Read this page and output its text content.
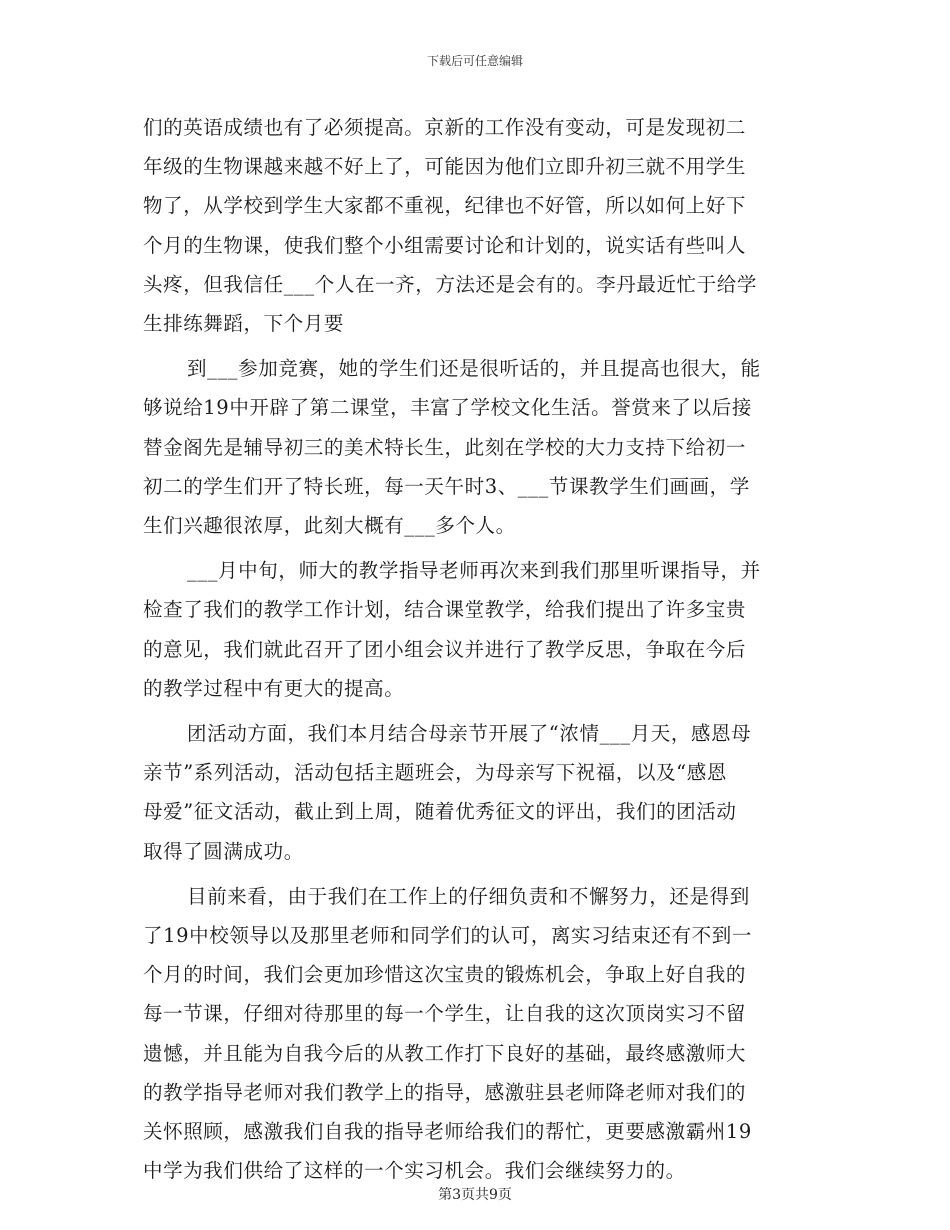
下载后可任意编辑

们的英语成绩也有了必须提高。京新的工作没有变动，可是发现初二
年级的生物课越来越不好上了，可能因为他们立即升初三就不用学生
物了，从学校到学生大家都不重视，纪律也不好管，所以如何上好下
个月的生物课，使我们整个小组需要讨论和计划的，说实话有些叫人
头疼，但我信任___个人在一齐，方法还是会有的。李丹最近忙于给学
生排练舞蹈，下个月要

到___参加竞赛，她的学生们还是很听话的，并且提高也很大，能
够说给19中开辟了第二课堂，丰富了学校文化生活。誉赏来了以后接
替金阁先是辅导初三的美术特长生，此刻在学校的大力支持下给初一
初二的学生们开了特长班，每一天午时3、___节课教学生们画画，学
生们兴趣很浓厚，此刻大概有___多个人。

___月中旬，师大的教学指导老师再次来到我们那里听课指导，并
检查了我们的教学工作计划，结合课堂教学，给我们提出了许多宝贵
的意见，我们就此召开了团小组会议并进行了教学反思，争取在今后
的教学过程中有更大的提高。

团活动方面，我们本月结合母亲节开展了“浓情___月天，感恩母
亲节”系列活动，活动包括主题班会，为母亲写下祝福，以及“感恩
母爱”征文活动，截止到上周，随着优秀征文的评出，我们的团活动
取得了圆满成功。

目前来看，由于我们在工作上的仔细负责和不懈努力，还是得到
了19中校领导以及那里老师和同学们的认可，离实习结束还有不到一
个月的时间，我们会更加珍惜这次宝贵的锻炼机会，争取上好自我的
每一节课，仔细对待那里的每一个学生，让自我的这次顶岗实习不留
遗憾，并且能为自我今后的从教工作打下良好的基础，最终感激师大
的教学指导老师对我们教学上的指导，感激驻县老师降老师对我们的
关怀照顾，感激我们自我的指导老师给我们的帮忙，更要感激霸州19
中学为我们供给了这样的一个实习机会。我们会继续努力的。

第3页共9页
